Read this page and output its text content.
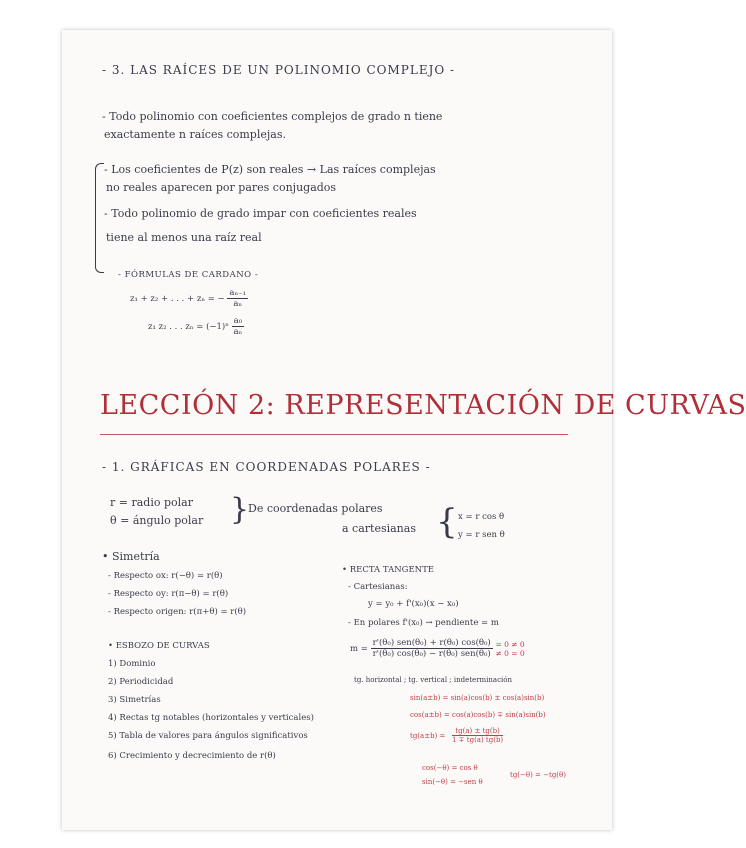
- 3. LAS RAÍCES DE UN POLINOMIO COMPLEJO -
- Todo polinomio con coeficientes complejos de grado n tiene
exactamente n raíces complejas.
- Los coeficientes de P(z) son reales → Las raíces complejas
no reales aparecen por pares conjugados
- Todo polinomio de grado impar con coeficientes reales
tiene al menos una raíz real
- FÓRMULAS DE CARDANO -
z₁ + z₂ + . . . + zₙ = − $\frac{\text{aₙ₋₁}}{\text{aₙ}}$
z₁ z₂ . . . $z_n = (-1)^n \frac{\text{a₀}}{\text{aₙ}}$
LECCIÓN 2: REPRESENTACIÓN DE CURVAS
- 1. GRÁFICAS EN COORDENADAS POLARES -
r = radio polar
θ = ángulo polar }
De coordenadas polares
a cartesianas { x = r cos θ
y = r sen θ
• Simetría
- Respecto ox: r(−θ) = r(θ)
- Respecto oy: r(π−θ) = r(θ)
- Respecto origen: r(π+θ) = r(θ)
• RECTA TANGENTE
- Cartesianas:
y = y₀ + f'(x₀)(x − x₀)
- En polares f'(x₀) → pendiente = m
$m = \frac{\text{r'(θ₀) sen(θ₀) + r(θ₀) cos(θ₀)}}{\text{r'(θ₀) cos(θ₀) − r(θ₀) sen(θ₀)}}$
= 0 ≠ 0
≠ 0 = 0
tg. horizontal ; tg. vertical ; indeterminación
• ESBOZO DE CURVAS
1) Dominio
2) Periodicidad
3) Simetrías
4) Rectas tg notables (horizontales y verticales)
5) Tabla de valores para ángulos significativos
6) Crecimiento y decrecimiento de r(θ)
sin(a±b) = sin(a)cos(b) ± cos(a)sin(b)
cos(a±b) = cos(a)cos(b) ∓ sin(a)sin(b)
$tg(a\pm b) = \frac{tg(a) \pm tg(b)}{1 \mp tg(a) tg(b)}$
cos(−θ) = cos θ
sin(−θ) = −sen θ
tg(−θ) = −tg(θ)
